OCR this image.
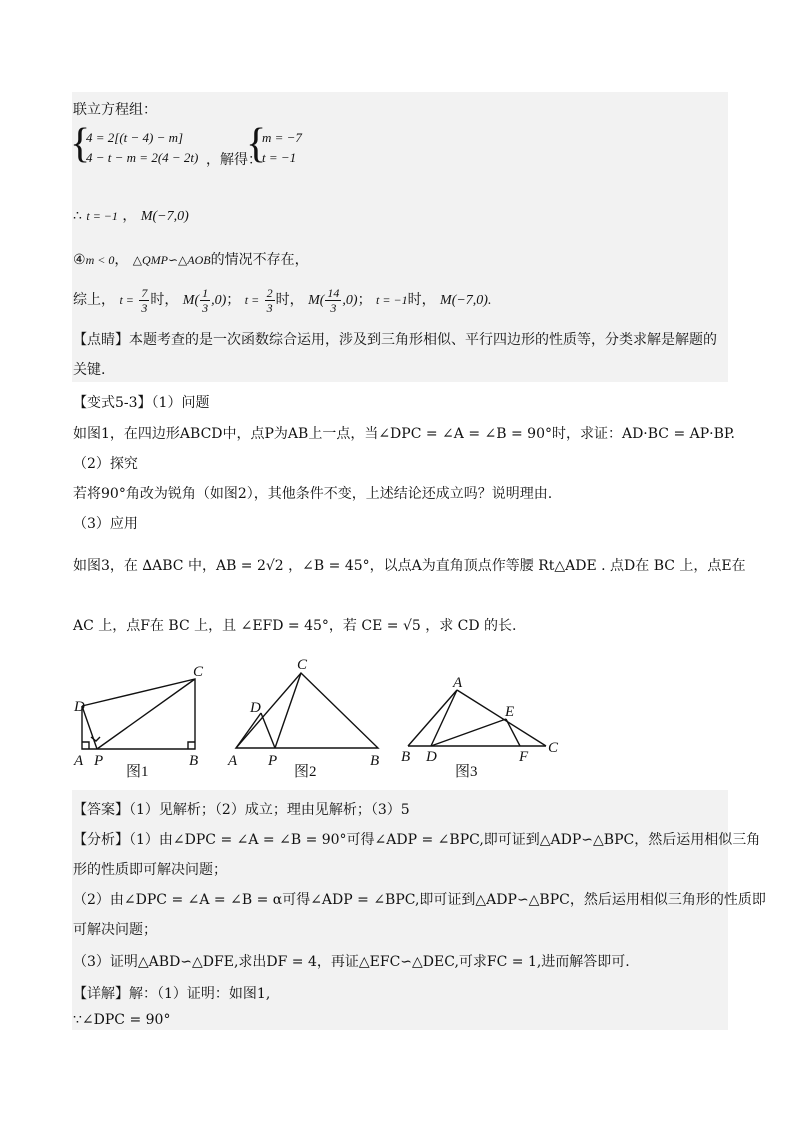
联立方程组：
{
4 = 2[(t − 4) − m]
4 − t − m = 2(4 − 2t) ，解得：
{
m = −7
t = −1
∴ t = −1 ， M(−7,0)
④m < 0， △QMP∽△AOB的情况不存在，
综上， $t = \frac{7}{3}$ 时， $M( \frac{1}{3} ,0)$； $t = \frac{2}{3}$ 时， $M( \frac{14}{3} ,0)$； t = −1时， M(−7,0).
【点睛】本题考查的是一次函数综合运用，涉及到三角形相似、平行四边形的性质等，分类求解是解题的
关键.
【变式5-3】（1）问题
如图1，在四边形ABCD中，点P为AB上一点，当∠DPC = ∠A = ∠B = 90°时，求证：AD·BC = AP·BP.
（2）探究
若将90°角改为锐角（如图2），其他条件不变，上述结论还成立吗？说明理由.
（3）应用
如图3，在 ∆ABC 中，AB = 2√2 ，∠B = 45°，以点A为直角顶点作等腰 Rt△ADE . 点D在 BC 上，点E在
AC 上，点F在 BC 上，且 ∠EFD = 45°，若 CE = √5 ，求 CD 的长.
C
D
A P	B
C
D
A P	B
A
E
B D	F
C
图1	图2	图3
【答案】（1）见解析；（2）成立；理由见解析；（3）5
【分析】（1）由∠DPC = ∠A = ∠B = 90°可得∠ADP = ∠BPC,即可证到△ADP∽△BPC，然后运用相似三角
形的性质即可解决问题；
（2）由∠DPC = ∠A = ∠B = α可得∠ADP = ∠BPC,即可证到△ADP∽△BPC，然后运用相似三角形的性质即
可解决问题；
（3）证明△ABD∽△DFE,求出DF = 4，再证△EFC∽△DEC,可求FC = 1,进而解答即可.
【详解】解：（1）证明：如图1,
∵∠DPC = 90°
